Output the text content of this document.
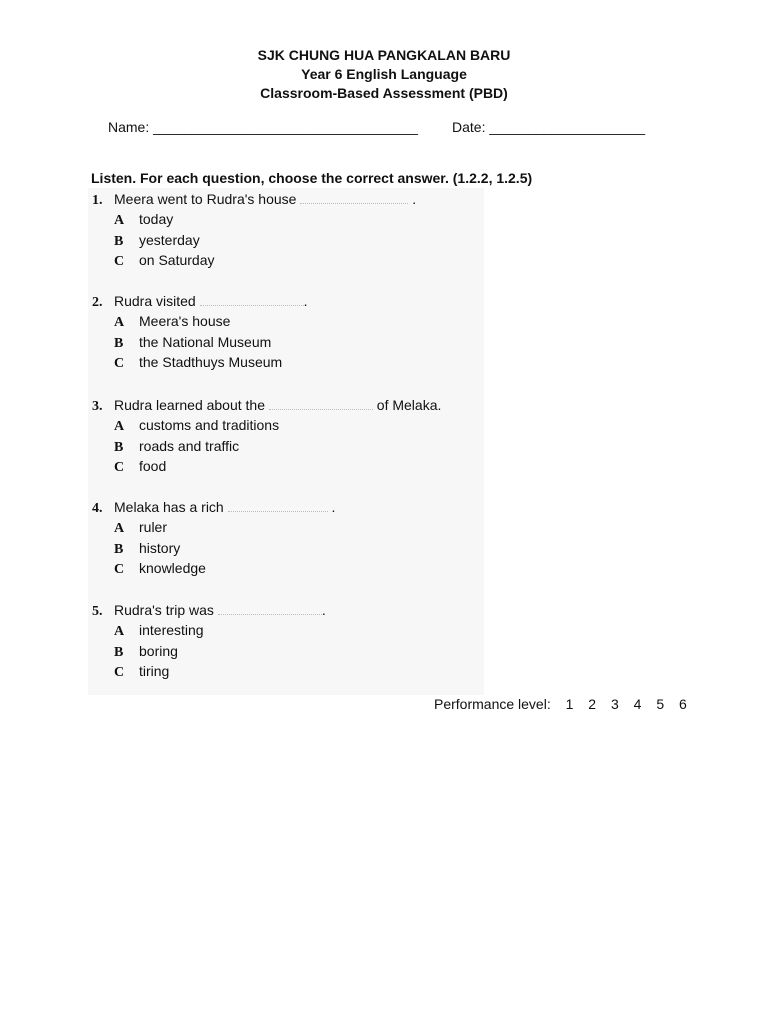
SJK CHUNG HUA PANGKALAN BARU
Year 6 English Language
Classroom-Based Assessment (PBD)
Name: __________________________________ Date: ____________________
Listen. For each question, choose the correct answer. (1.2.2, 1.2.5)
1. Meera went to Rudra's house	.
A today
B yesterday
C on Saturday
2. Rudra visited	.
A Meera's house
B the National Museum
C the Stadthuys Museum
3. Rudra learned about the	of Melaka.
A customs and traditions
B roads and traffic
C food
4. Melaka has a rich	.
A ruler
B history
C knowledge
5. Rudra's trip was	.
A interesting
B boring
C tiring
Performance level: 1 2 3 4 5 6
